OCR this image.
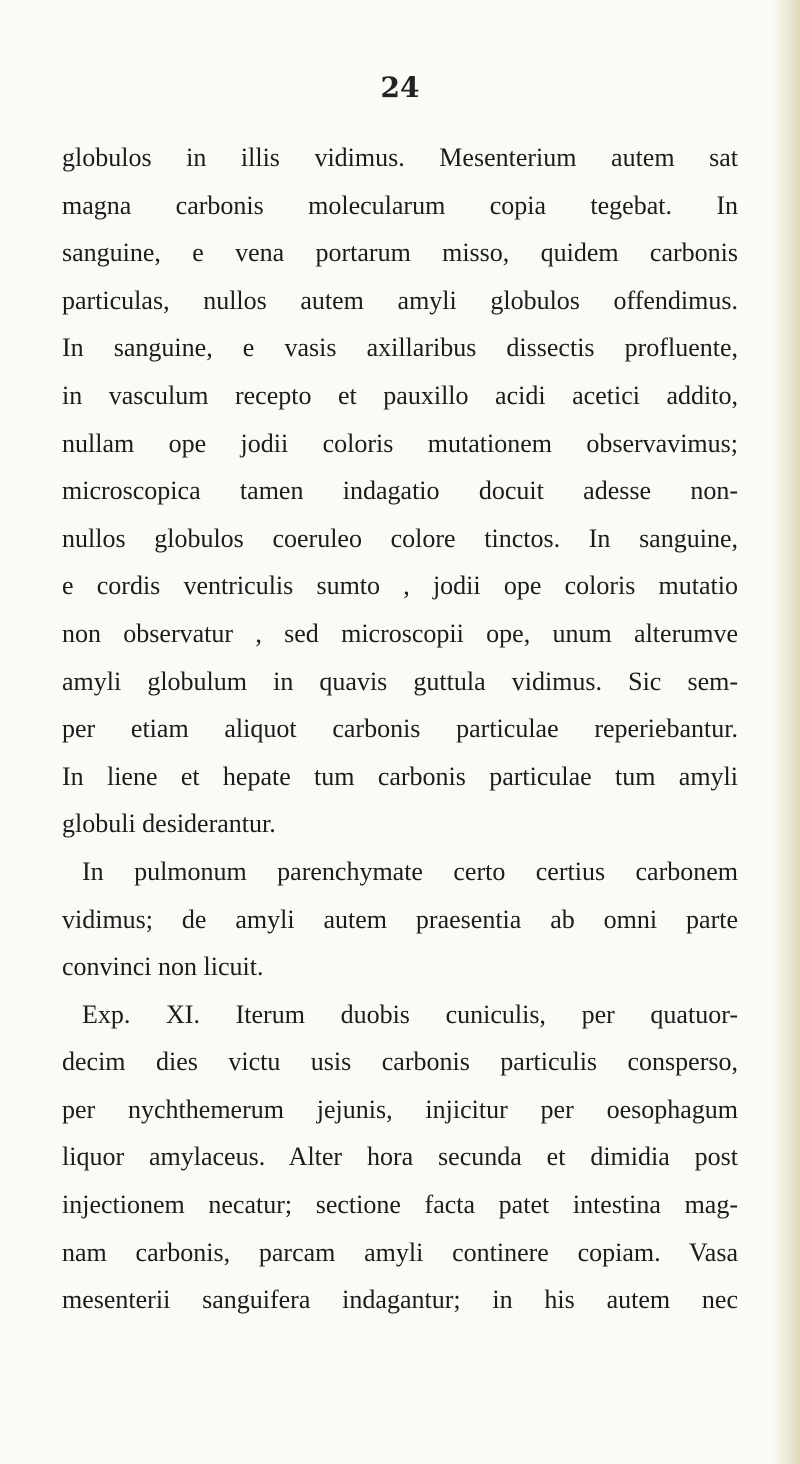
24
globulos in illis vidimus. Mesenterium autem sat
magna carbonis molecularum copia tegebat. In
sanguine, e vena portarum misso, quidem carbonis
particulas, nullos autem amyli globulos offendimus.
In sanguine, e vasis axillaribus dissectis profluente,
in vasculum recepto et pauxillo acidi acetici addito,
nullam ope jodii coloris mutationem observavimus;
microscopica tamen indagatio docuit adesse non-
nullos globulos coeruleo colore tinctos. In sanguine,
e cordis ventriculis sumto , jodii ope coloris mutatio
non observatur , sed microscopii ope, unum alterumve
amyli globulum in quavis guttula vidimus. Sic sem-
per etiam aliquot carbonis particulae reperiebantur.
In liene et hepate tum carbonis particulae tum amyli
globuli desiderantur.
In pulmonum parenchymate certo certius carbonem
vidimus; de amyli autem praesentia ab omni parte
convinci non licuit.
Exp. XI. Iterum duobis cuniculis, per quatuor-
decim dies victu usis carbonis particulis consperso,
per nychthemerum jejunis, injicitur per oesophagum
liquor amylaceus. Alter hora secunda et dimidia post
injectionem necatur; sectione facta patet intestina mag-
nam carbonis, parcam amyli continere copiam. Vasa
mesenterii sanguifera indagantur; in his autem nec
